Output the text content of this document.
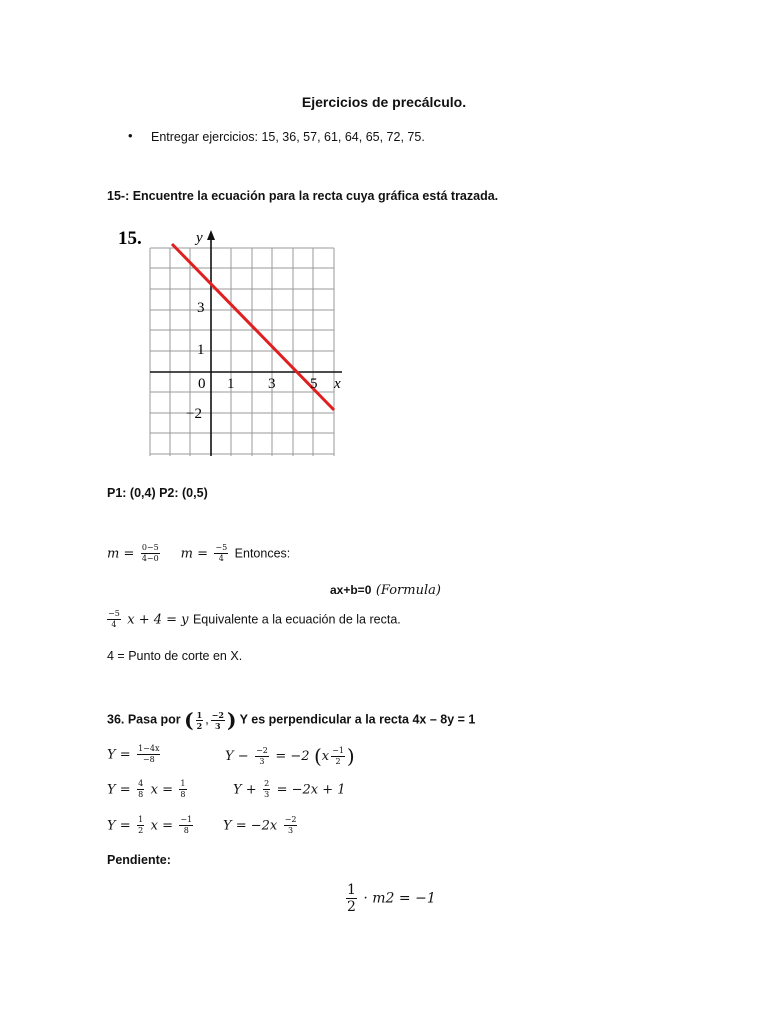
Ejercicios de precálculo.
• Entregar ejercicios: 15, 36, 57, 61, 64, 65, 72, 75.
15-: Encuentre la ecuación para la recta cuya gráfica está trazada.
15.	y
x
0 1 3 5
3
1
−2
P1: (0,4) P2: (0,5)
$m = \frac{0-5}{4-0}$ $m = \frac{-5}{4}$ Entonces:
ax+b=0 (Formula)
$\frac{-5}{4}$ x + 4 = y Equivalente a la ecuación de la recta.
4 = Punto de corte en X.
36. Pasa por ( $\frac{1}{2}$ , $\frac{-2}{3}$ ) Y es perpendicular a la recta 4x – 8y = 1
$Y = \frac{1-4x}{-8}$
$Y = \frac{4}{8}$ $x = \frac{1}{8}$
$Y = \frac{1}{2}$ $x = \frac{-1}{8}$
$Y - \frac{-2}{3} = -2$ ($x \frac{-1}{2}$ )
$Y + \frac{2}{3} = -2x + 1$
$Y = -2x \frac{-2}{3}$
Pendiente:
$\frac{1}{2} \cdot m2 = -1$
